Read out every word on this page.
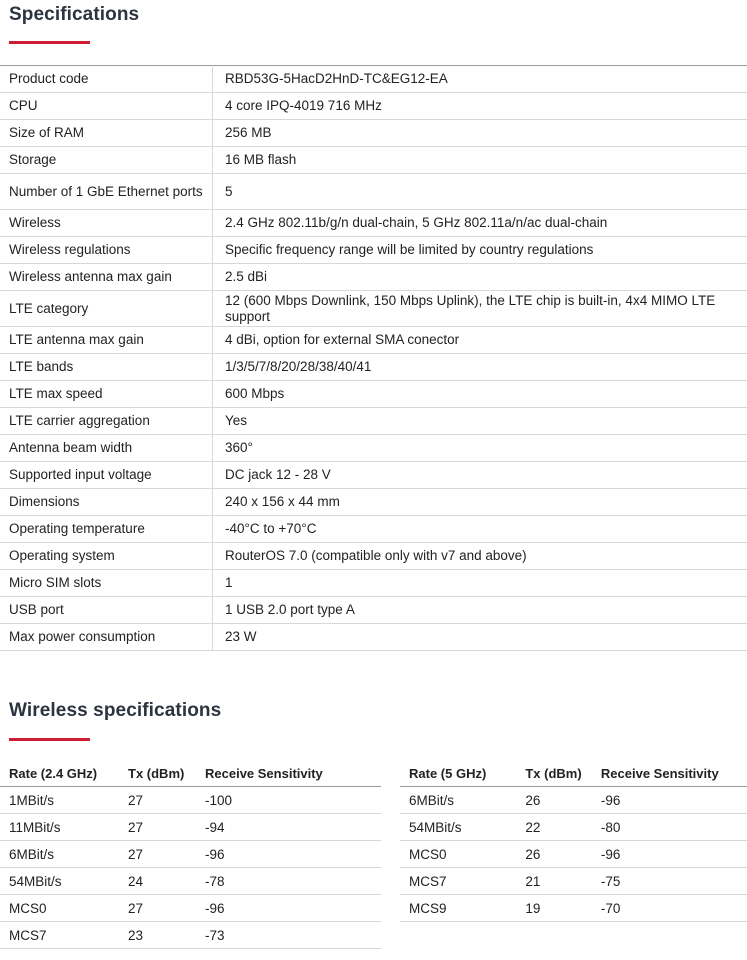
Specifications
Product code	RBD53G-5HacD2HnD-TC&EG12-EA
CPU	4 core IPQ-4019 716 MHz
Size of RAM	256 MB
Storage	16 MB flash
Number of 1 GbE Ethernet ports	5
Wireless	2.4 GHz 802.11b/g/n dual-chain, 5 GHz 802.11a/n/ac dual-chain
Wireless regulations	Specific frequency range will be limited by country regulations
Wireless antenna max gain	2.5 dBi
LTE category	12 (600 Mbps Downlink, 150 Mbps Uplink), the LTE chip is built-in, 4x4 MIMO LTE support
LTE antenna max gain	4 dBi, option for external SMA conector
LTE bands	1/3/5/7/8/20/28/38/40/41
LTE max speed	600 Mbps
LTE carrier aggregation	Yes
Antenna beam width	360°
Supported input voltage	DC jack 12 - 28 V
Dimensions	240 x 156 x 44 mm
Operating temperature	-40°C to +70°C
Operating system	RouterOS 7.0 (compatible only with v7 and above)
Micro SIM slots	1
USB port	1 USB 2.0 port type A
Max power consumption	23 W
Wireless specifications
Rate (2.4 GHz)	Tx (dBm)	Receive Sensitivity
1MBit/s	27	-100
11MBit/s	27	-94
6MBit/s	27	-96
54MBit/s	24	-78
MCS0	27	-96
MCS7	23	-73
Rate (5 GHz)	Tx (dBm)	Receive Sensitivity
6MBit/s	26	-96
54MBit/s	22	-80
MCS0	26	-96
MCS7	21	-75
MCS9	19	-70
